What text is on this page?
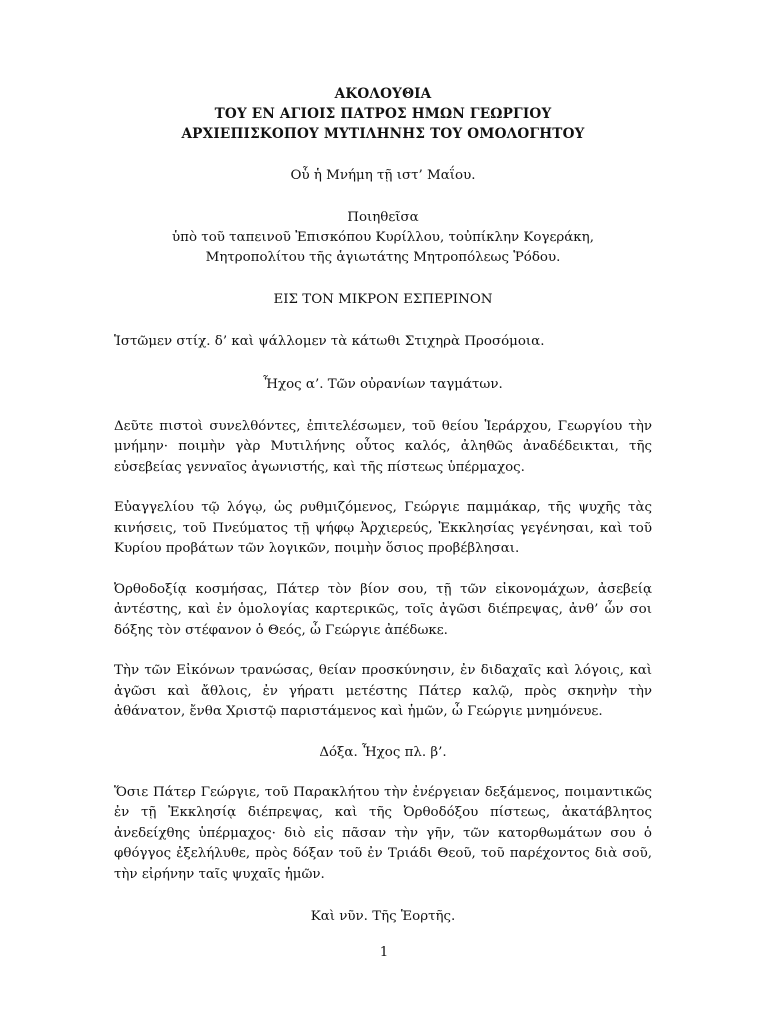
ΑΚΟΛΟΥΘΙΑ
ΤΟΥ ΕΝ ΑΓΙΟΙΣ ΠΑΤΡΟΣ ΗΜΩΝ ΓΕΩΡΓΙΟΥ
ΑΡΧΙΕΠΙΣΚΟΠΟΥ ΜΥΤΙΛΗΝΗΣ ΤΟΥ ΟΜΟΛΟΓΗΤΟΥ
Οὗ ἡ Μνήμη τῇ ιστ’ Μαΐου.
Ποιηθεῖσα
ὑπὸ τοῦ ταπεινοῦ Ἐπισκόπου Κυρίλλου, τοὐπίκλην Κογεράκη,
Μητροπολίτου τῆς ἁγιωτάτης Μητροπόλεως Ῥόδου.
ΕΙΣ ΤΟΝ ΜΙΚΡΟΝ ΕΣΠΕΡΙΝΟΝ

Ἱστῶμεν στίχ. δ’ καὶ ψάλλομεν τὰ κάτωθι Στιχηρὰ Προσόμοια.

Ἦχος α’. Τῶν οὐρανίων ταγμάτων.

Δεῦτε πιστοὶ συνελθόντες, ἐπιτελέσωμεν, τοῦ θείου Ἱεράρχου, Γεωργίου τὴν μνήμην· ποιμὴν γὰρ Μυτιλήνης οὗτος καλός, ἀληθῶς ἀναδέδεικται, τῆς εὐσεβείας γενναῖος ἀγωνιστής, καὶ τῆς πίστεως ὑπέρμαχος.

Εὐαγγελίου τῷ λόγῳ, ὡς ρυθμιζόμενος, Γεώργιε παμμάκαρ, τῆς ψυχῆς τὰς κινήσεις, τοῦ Πνεύματος τῇ ψήφῳ Ἀρχιερεύς, Ἐκκλησίας γεγένησαι, καὶ τοῦ Κυρίου προβάτων τῶν λογικῶν, ποιμὴν ὅσιος προβέβλησαι.

Ὀρθοδοξίᾳ κοσμήσας, Πάτερ τὸν βίον σου, τῇ τῶν εἰκονομάχων, ἀσεβείᾳ ἀντέστης, καὶ ἐν ὁμολογίας καρτερικῶς, τοῖς ἀγῶσι διέπρεψας, ἀνθ’ ὧν σοι δόξης τὸν στέφανον ὁ Θεός, ὦ Γεώργιε ἀπέδωκε.

Τὴν τῶν Εἰκόνων τρανώσας, θείαν προσκύνησιν, ἐν διδαχαῖς καὶ λόγοις, καὶ ἀγῶσι καὶ ἄθλοις, ἐν γήρατι μετέστης Πάτερ καλῷ, πρὸς σκηνὴν τὴν ἀθάνατον, ἔνθα Χριστῷ παριστάμενος καὶ ἡμῶν, ὦ Γεώργιε μνημόνευε.

Δόξα. Ἦχος πλ. β’.

Ὅσιε Πάτερ Γεώργιε, τοῦ Παρακλήτου τὴν ἐνέργειαν δεξάμενος, ποιμαντικῶς ἐν τῇ Ἐκκλησίᾳ διέπρεψας, καὶ τῆς Ὀρθοδόξου πίστεως, ἀκατάβλητος ἀνεδείχθης ὑπέρμαχος· διὸ εἰς πᾶσαν τὴν γῆν, τῶν κατορθωμάτων σου ὁ φθόγγος ἐξελήλυθε, πρὸς δόξαν τοῦ ἐν Τριάδι Θεοῦ, τοῦ παρέχοντος διὰ σοῦ, τὴν εἰρήνην ταῖς ψυχαῖς ἡμῶν.

Καὶ νῦν. Τῆς Ἑορτῆς.
1
